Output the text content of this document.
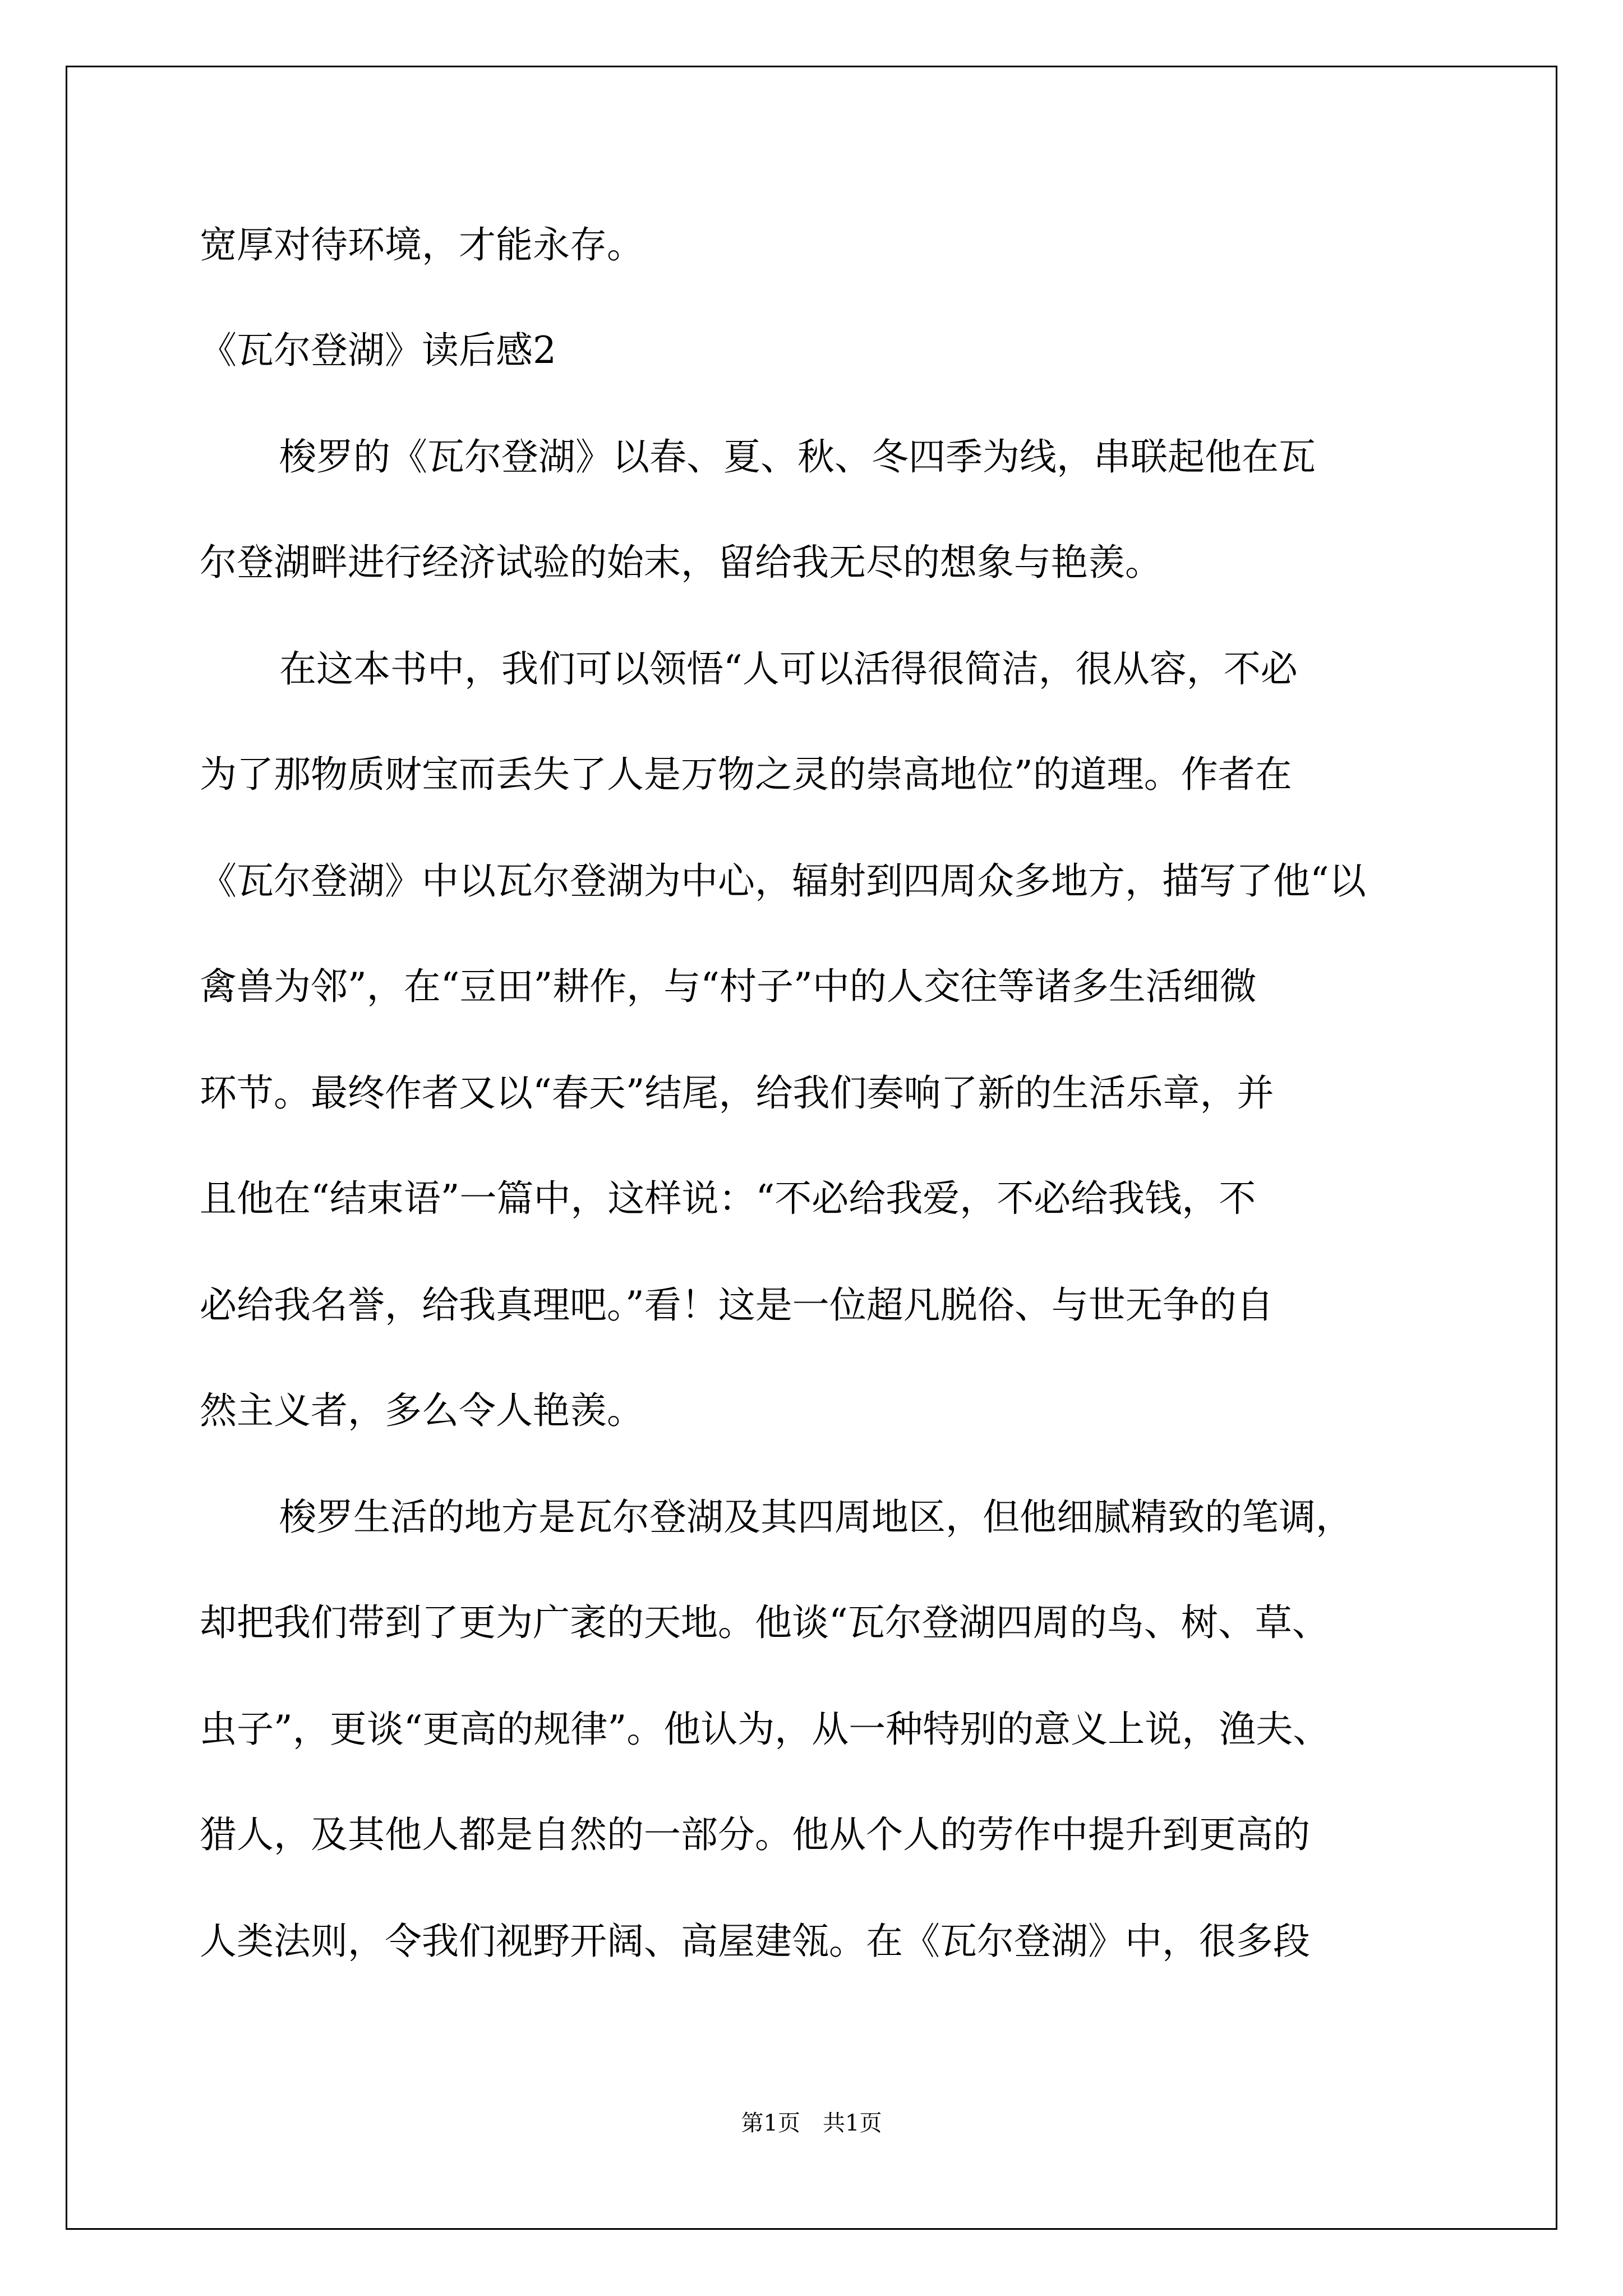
宽厚对待环境，才能永存。
《瓦尔登湖》读后感2
梭罗的《瓦尔登湖》以春、夏、秋、冬四季为线，串联起他在瓦
尔登湖畔进行经济试验的始末，留给我无尽的想象与艳羡。
在这本书中，我们可以领悟“人可以活得很简洁，很从容，不必
为了那物质财宝而丢失了人是万物之灵的崇高地位”的道理。作者在
《瓦尔登湖》中以瓦尔登湖为中心，辐射到四周众多地方，描写了他“以
禽兽为邻”，在“豆田”耕作，与“村子”中的人交往等诸多生活细微
环节。最终作者又以“春天”结尾，给我们奏响了新的生活乐章，并
且他在“结束语”一篇中，这样说：“不必给我爱，不必给我钱，不
必给我名誉，给我真理吧。”看！这是一位超凡脱俗、与世无争的自
然主义者，多么令人艳羡。
梭罗生活的地方是瓦尔登湖及其四周地区，但他细腻精致的笔调，
却把我们带到了更为广袤的天地。他谈“瓦尔登湖四周的鸟、树、草、
虫子”，更谈“更高的规律”。他认为，从一种特别的意义上说，渔夫、
猎人，及其他人都是自然的一部分。他从个人的劳作中提升到更高的
人类法则，令我们视野开阔、高屋建瓴。在《瓦尔登湖》中，很多段
第1页　共1页
